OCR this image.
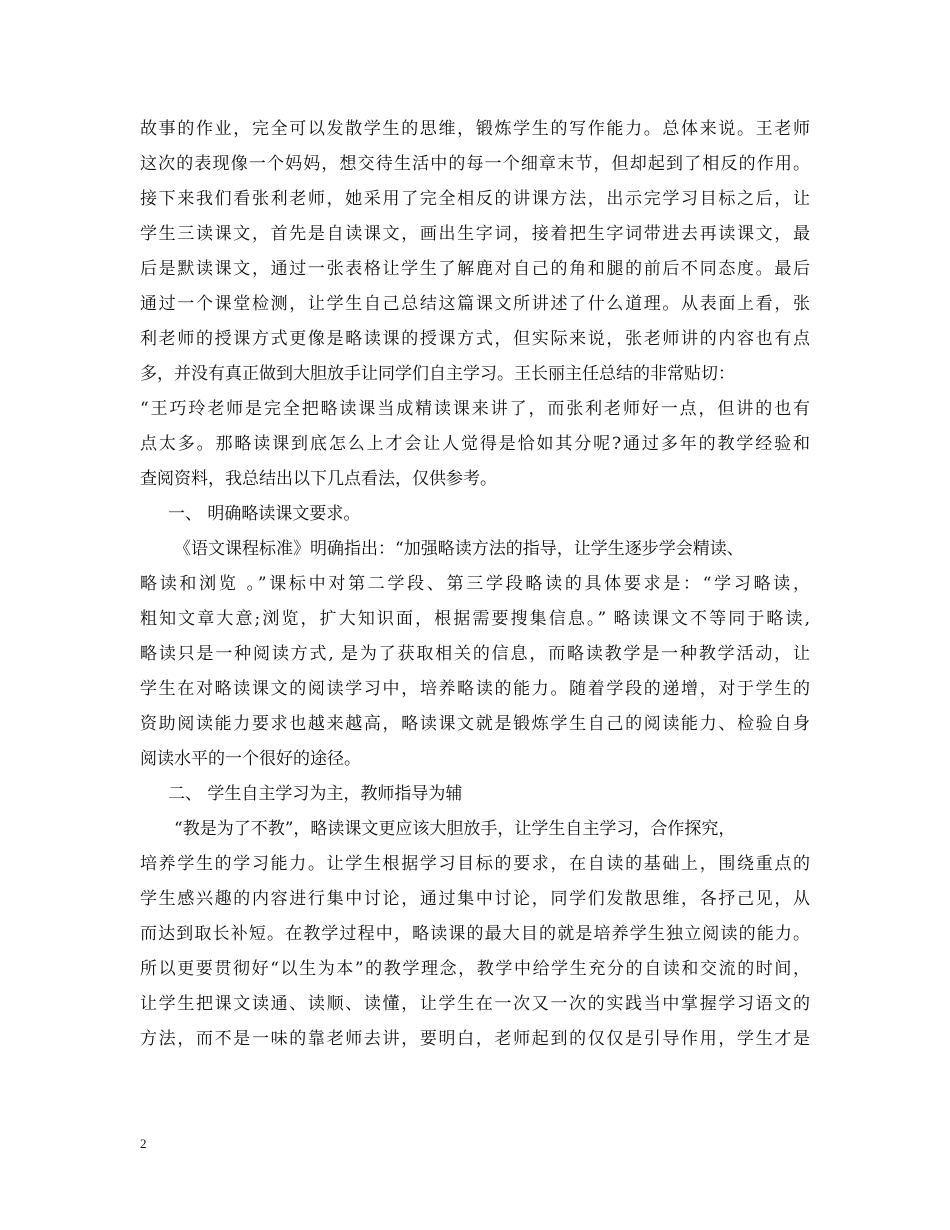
故事的作业，完全可以发散学生的思维，锻炼学生的写作能力。总体来说。王老师
这次的表现像一个妈妈，想交待生活中的每一个细章末节，但却起到了相反的作用。
接下来我们看张利老师，她采用了完全相反的讲课方法，出示完学习目标之后，让
学生三读课文，首先是自读课文，画出生字词，接着把生字词带进去再读课文，最
后是默读课文，通过一张表格让学生了解鹿对自己的角和腿的前后不同态度。最后
通过一个课堂检测，让学生自己总结这篇课文所讲述了什么道理。从表面上看，张
利老师的授课方式更像是略读课的授课方式，但实际来说，张老师讲的内容也有点
多，并没有真正做到大胆放手让同学们自主学习。王长丽主任总结的非常贴切：
“王巧玲老师是完全把略读课当成精读课来讲了，而张利老师好一点，但讲的也有
点太多。那略读课到底怎么上才会让人觉得是恰如其分呢?通过多年的教学经验和
查阅资料，我总结出以下几点看法，仅供参考。
一、 明确略读课文要求。
《语文课程标准》明确指出：“加强略读方法的指导，让学生逐步学会精读、
略读和浏览 。”课标中对第二学段、第三学段略读的具体要求是：“学习略读，
粗知文章大意;浏览，扩大知识面，根据需要搜集信息。” 略读课文不等同于略读,
略读只是一种阅读方式, 是为了获取相关的信息，而略读教学是一种教学活动，让
学生在对略读课文的阅读学习中，培养略读的能力。随着学段的递增，对于学生的
资助阅读能力要求也越来越高，略读课文就是锻炼学生自己的阅读能力、检验自身
阅读水平的一个很好的途径。
二、 学生自主学习为主，教师指导为辅
“教是为了不教”，略读课文更应该大胆放手，让学生自主学习，合作探究，
培养学生的学习能力。让学生根据学习目标的要求，在自读的基础上，围绕重点的
学生感兴趣的内容进行集中讨论，通过集中讨论，同学们发散思维，各抒己见，从
而达到取长补短。在教学过程中，略读课的最大目的就是培养学生独立阅读的能力。
所以更要贯彻好“以生为本”的教学理念，教学中给学生充分的自读和交流的时间，
让学生把课文读通、读顺、读懂，让学生在一次又一次的实践当中掌握学习语文的
方法，而不是一味的靠老师去讲，要明白，老师起到的仅仅是引导作用，学生才是
2
